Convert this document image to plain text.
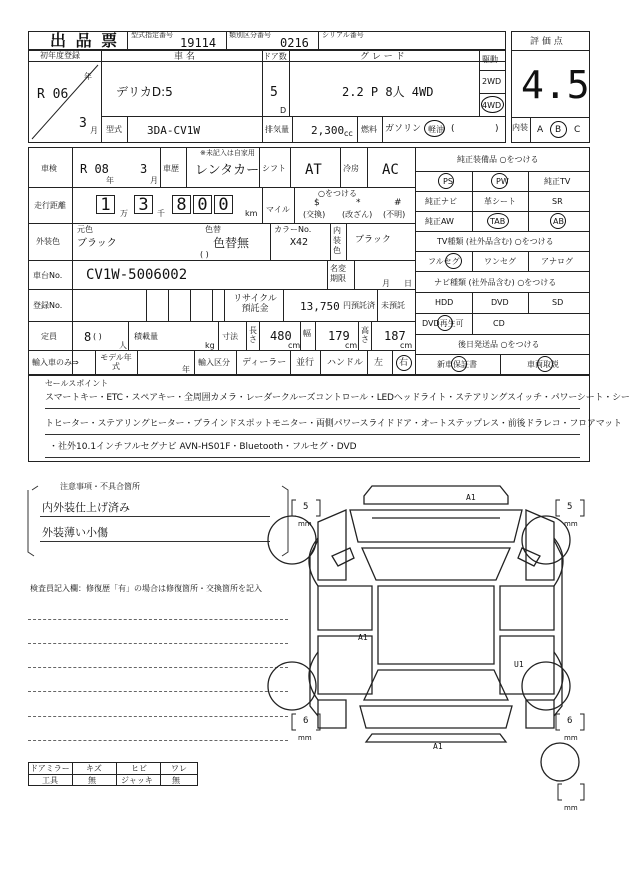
出 品 票 型式指定番号
19114
類別区分番号
0216
シリアル番号
評 価 点
4.5
内装 A B C
初年度登録
年
R 06
3 月
車 名
デリカD:5
ドア数
5
D
グ レ ー ド
2.2 P 8人 4WD
駆動
2WD
4WD
型式 3DA-CV1W	排気量 2,300 cc 燃料 ガソリン 軽油 (	)
車検 R 08
年
3
月
車歴
※未記入は自家用
レンタカー シフト AT	冷房 AC
走行距離 1	万 3	千 8 0 0	km マイル
○をつける
$
(交換)
*
(改ざん)
#
(不明)
外装色
元色
ブラック
色替
色替無
( )
カラーNo.
X42
内装色
ブラック
車台No. CV1W-5006002	名変期限
月 日
登録No.
リサイクル預託金	13,750 円預託済 未預託
定員 8 ( )
人
積載量
kg
寸法
長さ 480
cm
幅 179
cm
高さ 187
cm
輸入車のみ⇒
モデル年式	年
輸入区分 ディーラー 並行 ハンドル 左 右
純正装備品 ○をつける
PS	PW	純正TV
純正ナビ	革シート	SR
純正AW	TAB	AB
TV種類 (社外品含む) ○をつける
フルセグ	ワンセグ	アナログ
ナビ種類 (社外品含む) ○をつける
HDD	DVD	SD
DVD再生可	CD
後日発送品 ○をつける
新車保証書	車両取説
セールスポイント
スマートキー・ETC・スペアキー・全周囲カメラ・レーダークルーズコントロール・LEDヘッドライト・ステアリングスイッチ・パワーシート・シー
トヒーター・ステアリングヒーター・ブラインドスポットモニター・両側パワースライドドア・オートステップレス・前後ドラレコ・フロアマット
・社外10.1インチフルセグナビ AVN-HS01F・Bluetooth・フルセグ・DVD
注意事項・不具合箇所
内外装仕上げ済み
外装薄い小傷
検査員記入欄：修復歴「有」の場合は修復箇所・交換箇所を記入
ドアミラー キズ	ヒビ	ワレ
工具	無	ジャッキ 無
A1
A1
U1
A1
5
mm
5
mm
6
mm
6
mm
mm
